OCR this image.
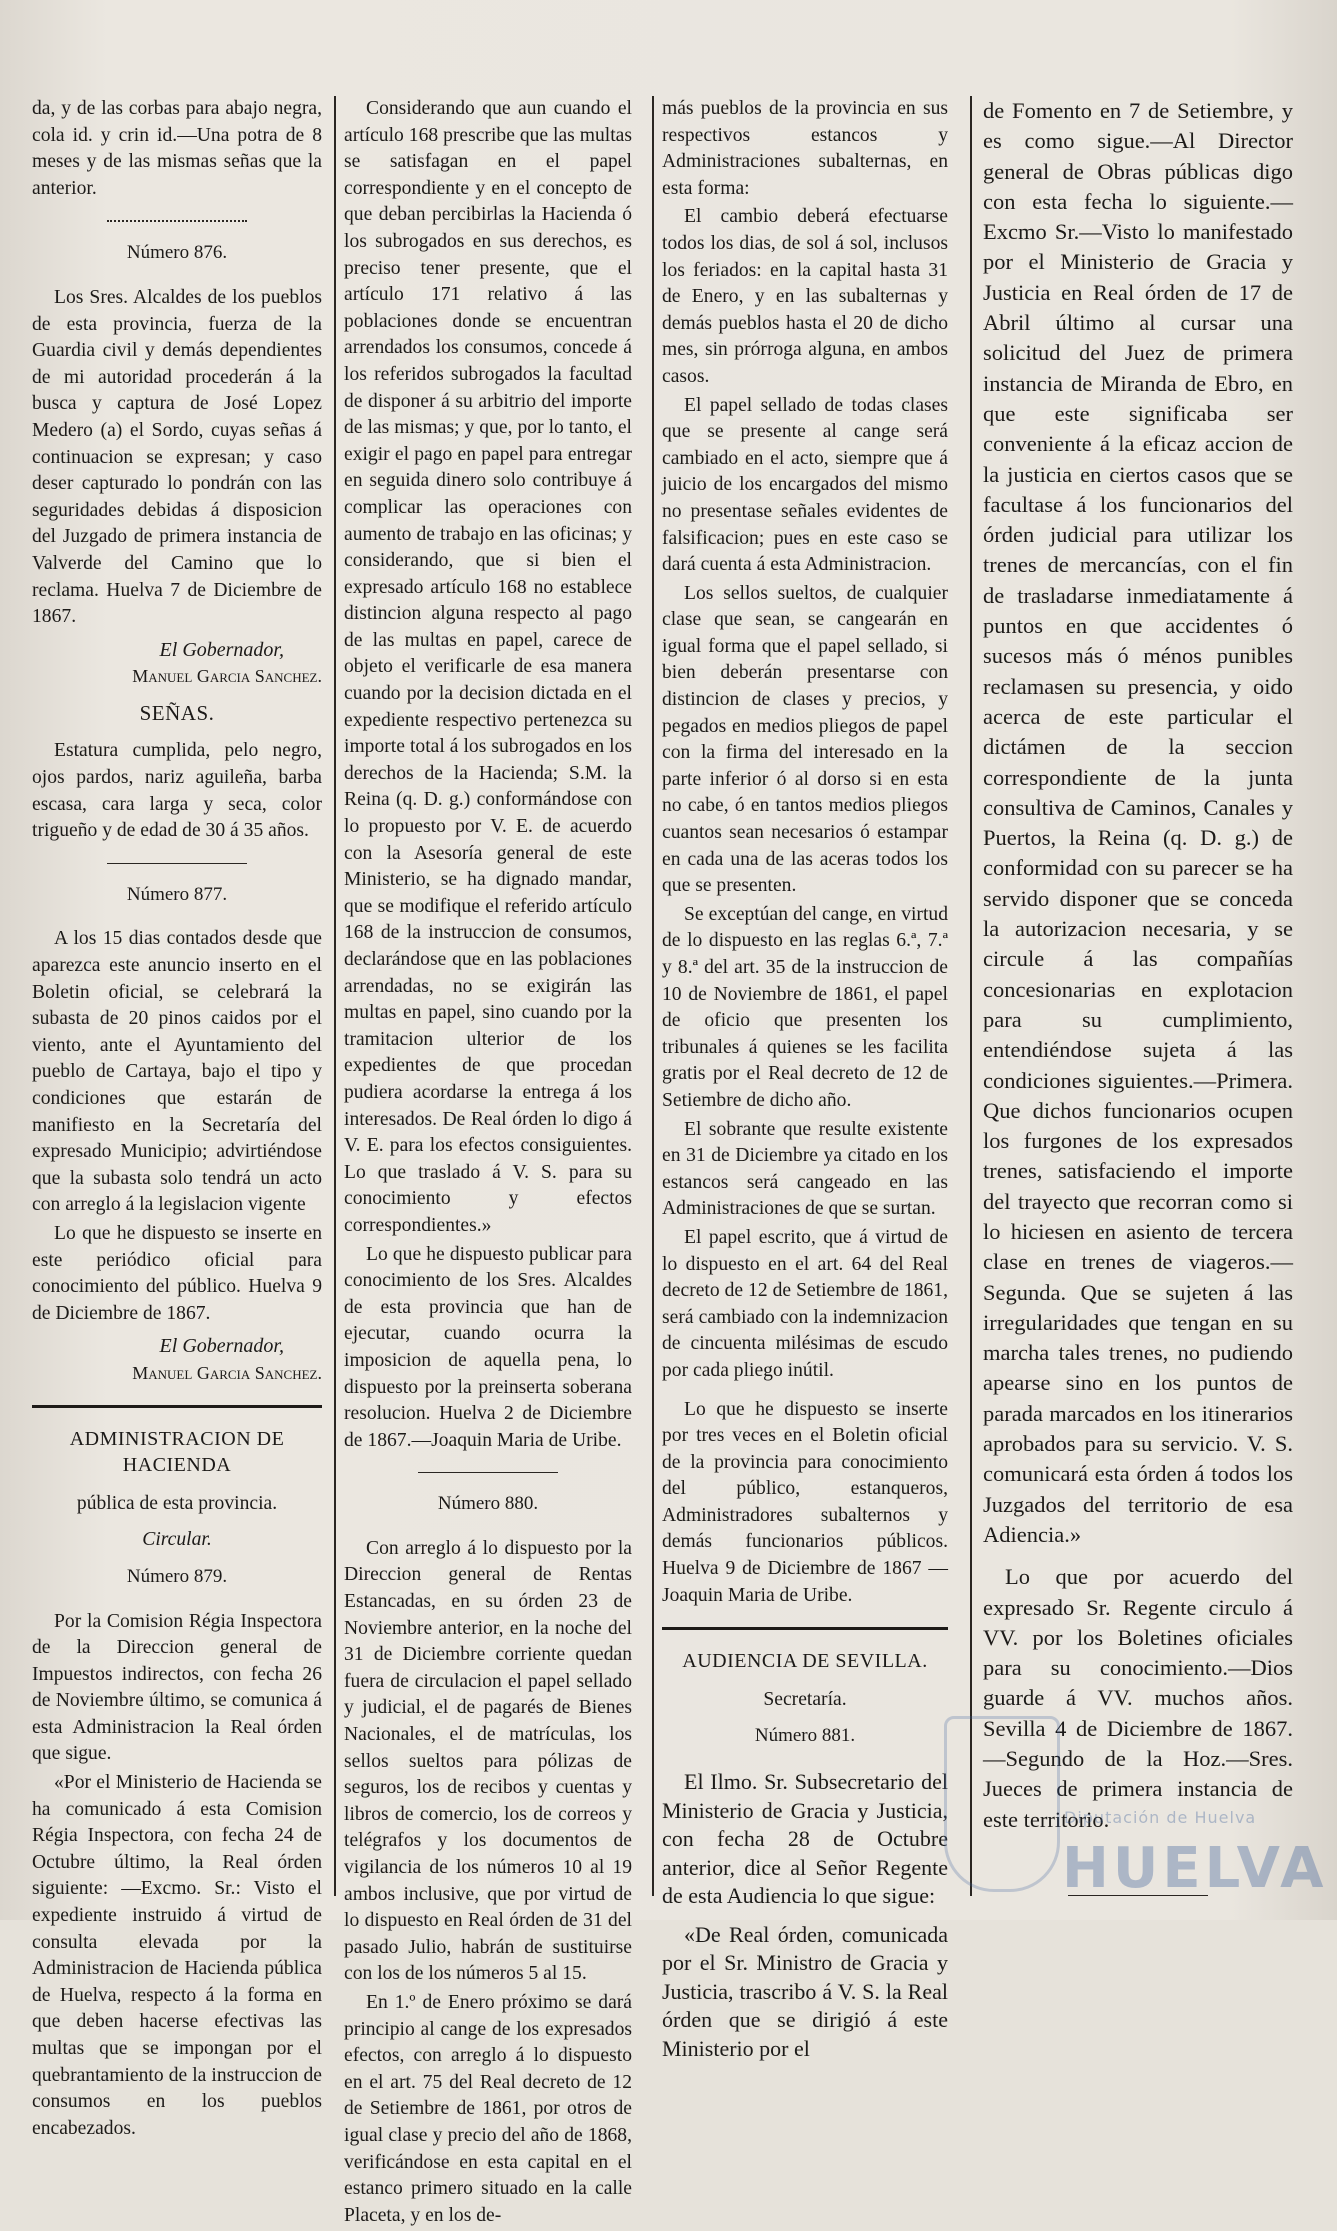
da, y de las corbas para abajo negra, cola id. y crin id.—Una potra de 8 meses y de las mismas señas que la anterior.

Número 876.

Los Sres. Alcaldes de los pueblos de esta provincia, fuerza de la Guardia civil y demás dependientes de mi autoridad procederán á la busca y captura de José Lopez Medero (a) el Sordo, cuyas señas á continuacion se expresan; y caso deser capturado lo pondrán con las seguridades debidas á disposicion del Juzgado de primera instancia de Valverde del Camino que lo reclama. Huelva 7 de Diciembre de 1867.

El Gobernador,
Manuel Garcia Sanchez.
SEÑAS.

Estatura cumplida, pelo negro, ojos pardos, nariz aguileña, barba escasa, cara larga y seca, color trigueño y de edad de 30 á 35 años.

Número 877.

A los 15 dias contados desde que aparezca este anuncio inserto en el Boletin oficial, se celebrará la subasta de 20 pinos caidos por el viento, ante el Ayuntamiento del pueblo de Cartaya, bajo el tipo y condiciones que estarán de manifiesto en la Secretaría del expresado Municipio; advirtiéndose que la subasta solo tendrá un acto con arreglo á la legislacion vigente

Lo que he dispuesto se inserte en este periódico oficial para conocimiento del público. Huelva 9 de Diciembre de 1867.

El Gobernador,
Manuel Garcia Sanchez.
ADMINISTRACION DE HACIENDA
pública de esta provincia.
Circular.
Número 879.

Por la Comision Régia Inspectora de la Direccion general de Impuestos indirectos, con fecha 26 de Noviembre último, se comunica á esta Administracion la Real órden que sigue.

«Por el Ministerio de Hacienda se ha comunicado á esta Comision Régia Inspectora, con fecha 24 de Octubre último, la Real órden siguiente: —Excmo. Sr.: Visto el expediente instruido á virtud de consulta elevada por la Administracion de Hacienda pública de Huelva, respecto á la forma en que deben hacerse efectivas las multas que se impongan por el quebrantamiento de la instruccion de consumos en los pueblos encabezados.

Considerando que aun cuando el artículo 168 prescribe que las multas se satisfagan en el papel correspondiente y en el concepto de que deban percibirlas la Hacienda ó los subrogados en sus derechos, es preciso tener presente, que el artículo 171 relativo á las poblaciones donde se encuentran arrendados los consumos, concede á los referidos subrogados la facultad de disponer á su arbitrio del importe de las mismas; y que, por lo tanto, el exigir el pago en papel para entregar en seguida dinero solo contribuye á complicar las operaciones con aumento de trabajo en las oficinas; y considerando, que si bien el expresado artículo 168 no establece distincion alguna respecto al pago de las multas en papel, carece de objeto el verificarle de esa manera cuando por la decision dictada en el expediente respectivo pertenezca su importe total á los subrogados en los derechos de la Hacienda; S.M. la Reina (q. D. g.) conformándose con lo propuesto por V. E. de acuerdo con la Asesoría general de este Ministerio, se ha dignado mandar, que se modifique el referido artículo 168 de la instruccion de consumos, declarándose que en las poblaciones arrendadas, no se exigirán las multas en papel, sino cuando por la tramitacion ulterior de los expedientes de que procedan pudiera acordarse la entrega á los interesados. De Real órden lo digo á V. E. para los efectos consiguientes. Lo que traslado á V. S. para su conocimiento y efectos correspondientes.»

Lo que he dispuesto publicar para conocimiento de los Sres. Alcaldes de esta provincia que han de ejecutar, cuando ocurra la imposicion de aquella pena, lo dispuesto por la preinserta soberana resolucion. Huelva 2 de Diciembre de 1867.—Joaquin Maria de Uribe.

Número 880.

Con arreglo á lo dispuesto por la Direccion general de Rentas Estancadas, en su órden 23 de Noviembre anterior, en la noche del 31 de Diciembre corriente quedan fuera de circulacion el papel sellado y judicial, el de pagarés de Bienes Nacionales, el de matrículas, los sellos sueltos para pólizas de seguros, los de recibos y cuentas y libros de comercio, los de correos y telégrafos y los documentos de vigilancia de los números 10 al 19 ambos inclusive, que por virtud de lo dispuesto en Real órden de 31 del pasado Julio, habrán de sustituirse con los de los números 5 al 15.

En 1.º de Enero próximo se dará principio al cange de los expresados efectos, con arreglo á lo dispuesto en el art. 75 del Real decreto de 12 de Setiembre de 1861, por otros de igual clase y precio del año de 1868, verificándose en esta capital en el estanco primero situado en la calle Placeta, y en los de-

más pueblos de la provincia en sus respectivos estancos y Administraciones subalternas, en esta forma:

El cambio deberá efectuarse todos los dias, de sol á sol, inclusos los feriados: en la capital hasta 31 de Enero, y en las subalternas y demás pueblos hasta el 20 de dicho mes, sin prórroga alguna, en ambos casos.

El papel sellado de todas clases que se presente al cange será cambiado en el acto, siempre que á juicio de los encargados del mismo no presentase señales evidentes de falsificacion; pues en este caso se dará cuenta á esta Administracion.

Los sellos sueltos, de cualquier clase que sean, se cangearán en igual forma que el papel sellado, si bien deberán presentarse con distincion de clases y precios, y pegados en medios pliegos de papel con la firma del interesado en la parte inferior ó al dorso si en esta no cabe, ó en tantos medios pliegos cuantos sean necesarios ó estampar en cada una de las aceras todos los que se presenten.

Se exceptúan del cange, en virtud de lo dispuesto en las reglas 6.ª, 7.ª y 8.ª del art. 35 de la instruccion de 10 de Noviembre de 1861, el papel de oficio que presenten los tribunales á quienes se les facilita gratis por el Real decreto de 12 de Setiembre de dicho año.

El sobrante que resulte existente en 31 de Diciembre ya citado en los estancos será cangeado en las Administraciones de que se surtan.

El papel escrito, que á virtud de lo dispuesto en el art. 64 del Real decreto de 12 de Setiembre de 1861, será cambiado con la indemnizacion de cincuenta milésimas de escudo por cada pliego inútil.

Lo que he dispuesto se inserte por tres veces en el Boletin oficial de la provincia para conocimiento del público, estanqueros, Administradores subalternos y demás funcionarios públicos. Huelva 9 de Diciembre de 1867 —Joaquin Maria de Uribe.

AUDIENCIA DE SEVILLA.
Secretaría.
Número 881.

El Ilmo. Sr. Subsecretario del Ministerio de Gracia y Justicia, con fecha 28 de Octubre anterior, dice al Señor Regente de esta Audiencia lo que sigue:

«De Real órden, comunicada por el Sr. Ministro de Gracia y Justicia, trascribo á V. S. la Real órden que se dirigió á este Ministerio por el

de Fomento en 7 de Setiembre, y es como sigue.—Al Director general de Obras públicas digo con esta fecha lo siguiente.—Excmo Sr.—Visto lo manifestado por el Ministerio de Gracia y Justicia en Real órden de 17 de Abril último al cursar una solicitud del Juez de primera instancia de Miranda de Ebro, en que este significaba ser conveniente á la eficaz accion de la justicia en ciertos casos que se facultase á los funcionarios del órden judicial para utilizar los trenes de mercancías, con el fin de trasladarse inmediatamente á puntos en que accidentes ó sucesos más ó ménos punibles reclamasen su presencia, y oido acerca de este particular el dictámen de la seccion correspondiente de la junta consultiva de Caminos, Canales y Puertos, la Reina (q. D. g.) de conformidad con su parecer se ha servido disponer que se conceda la autorizacion necesaria, y se circule á las compañías concesionarias en explotacion para su cumplimiento, entendiéndose sujeta á las condiciones siguientes.—Primera. Que dichos funcionarios ocupen los furgones de los expresados trenes, satisfaciendo el importe del trayecto que recorran como si lo hiciesen en asiento de tercera clase en trenes de viageros.—Segunda. Que se sujeten á las irregularidades que tengan en su marcha tales trenes, no pudiendo apearse sino en los puntos de parada marcados en los itinerarios aprobados para su servicio. V. S. comunicará esta órden á todos los Juzgados del territorio de esa Adiencia.»

Lo que por acuerdo del expresado Sr. Regente circulo á VV. por los Boletines oficiales para su conocimiento.—Dios guarde á VV. muchos años. Sevilla 4 de Diciembre de 1867.—Segundo de la Hoz.—Sres. Jueces de primera instancia de este territorio.

Diputación de Huelva
HUELVA
